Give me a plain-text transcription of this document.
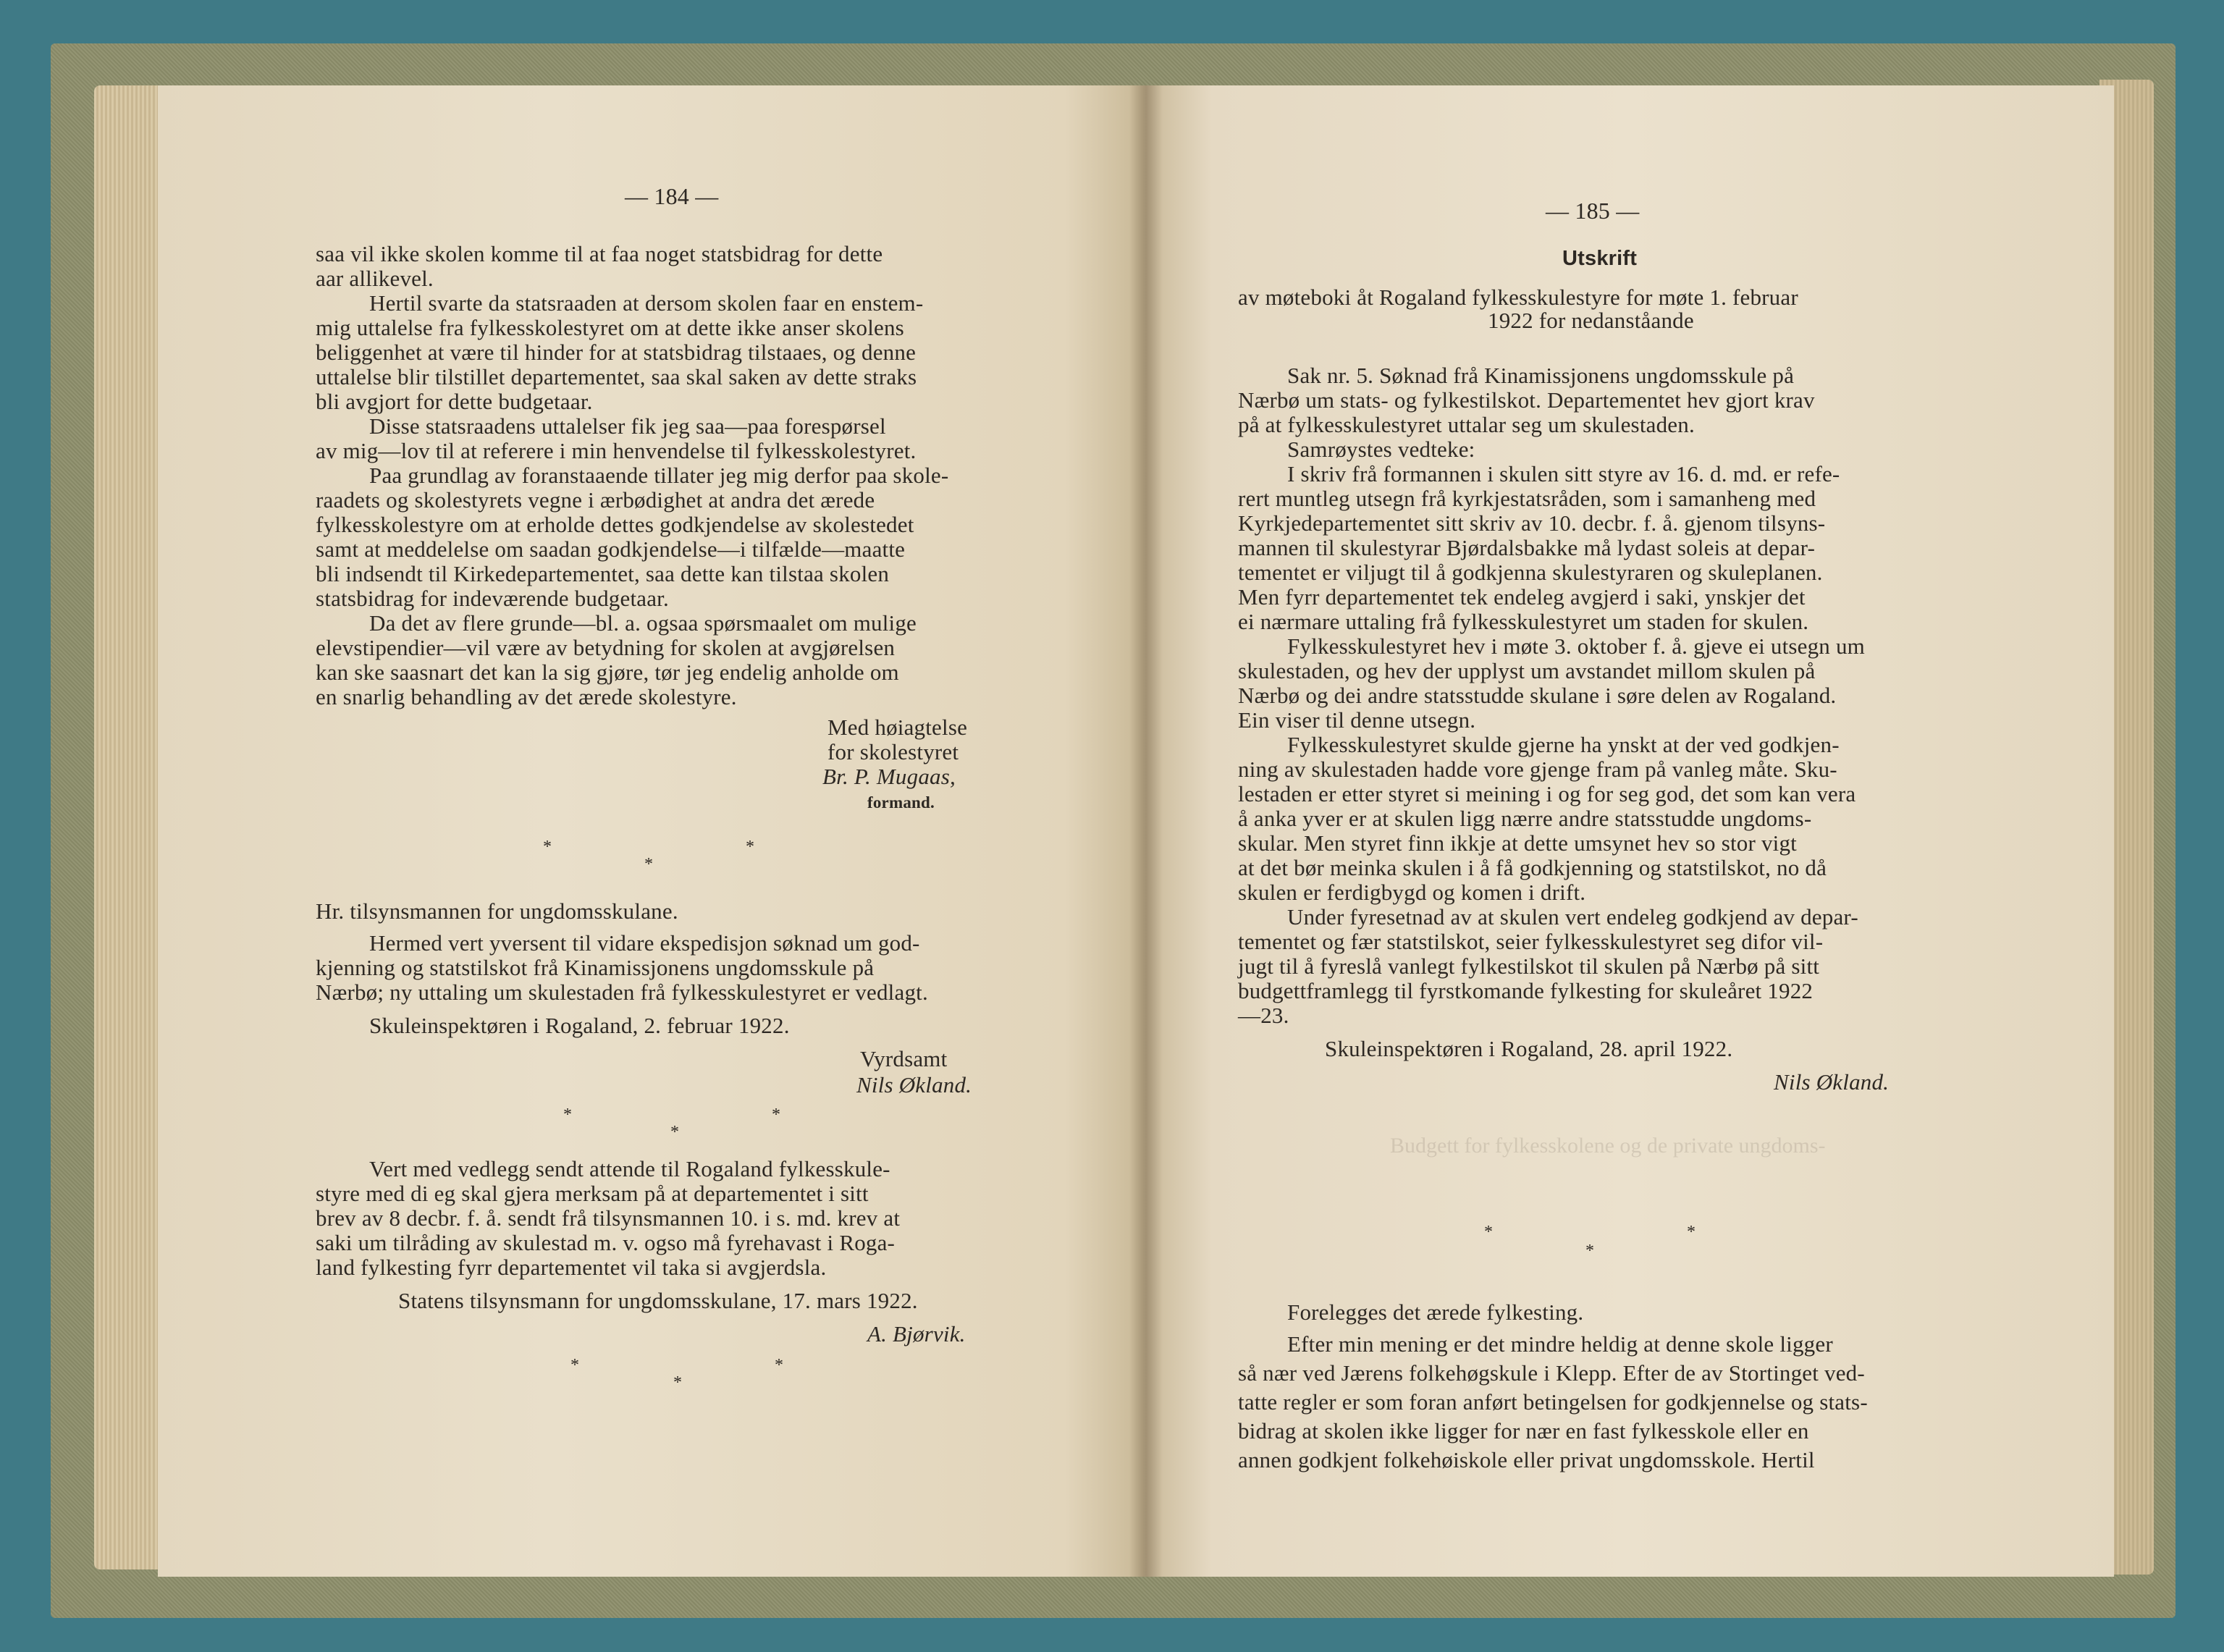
— 184 —
saa vil ikke skolen komme til at faa noget statsbidrag for dette
aar allikevel.
Hertil svarte da statsraaden at dersom skolen faar en enstem-
mig uttalelse fra fylkesskolestyret om at dette ikke anser skolens
beliggenhet at være til hinder for at statsbidrag tilstaaes, og denne
uttalelse blir tilstillet departementet, saa skal saken av dette straks
bli avgjort for dette budgetaar.
Disse statsraadens uttalelser fik jeg saa—paa forespørsel
av mig—lov til at referere i min henvendelse til fylkesskolestyret.
Paa grundlag av foranstaaende tillater jeg mig derfor paa skole-
raadets og skolestyrets vegne i ærbødighet at andra det ærede
fylkesskolestyre om at erholde dettes godkjendelse av skolestedet
samt at meddelelse om saadan godkjendelse—i tilfælde—maatte
bli indsendt til Kirkedepartementet, saa dette kan tilstaa skolen
statsbidrag for indeværende budgetaar.
Da det av flere grunde—bl. a. ogsaa spørsmaalet om mulige
elevstipendier—vil være av betydning for skolen at avgjørelsen
kan ske saasnart det kan la sig gjøre, tør jeg endelig anholde om
en snarlig behandling av det ærede skolestyre.
Med høiagtelse
for skolestyret
Br. P. Mugaas,
formand.
*
*
*
Hr. tilsynsmannen for ungdomsskulane.
Hermed vert yversent til vidare ekspedisjon søknad um god-
kjenning og statstilskot frå Kinamissjonens ungdomsskule på
Nærbø; ny uttaling um skulestaden frå fylkesskulestyret er vedlagt.
Skuleinspektøren i Rogaland, 2. februar 1922.
Vyrdsamt
Nils Økland.
*
*
*
Vert med vedlegg sendt attende til Rogaland fylkesskule-
styre med di eg skal gjera merksam på at departementet i sitt
brev av 8 decbr. f. å. sendt frå tilsynsmannen 10. i s. md. krev at
saki um tilråding av skulestad m. v. ogso må fyrehavast i Roga-
land fylkesting fyrr departementet vil taka si avgjerdsla.
Statens tilsynsmann for ungdomsskulane, 17. mars 1922.
A. Bjørvik.
*
*
*
— 185 —
Utskrift
av møteboki åt Rogaland fylkesskulestyre for møte 1. februar
1922 for nedanståande
Sak nr. 5. Søknad frå Kinamissjonens ungdomsskule på
Nærbø um stats- og fylkestilskot. Departementet hev gjort krav
på at fylkesskulestyret uttalar seg um skulestaden.
Samrøystes vedteke:
I skriv frå formannen i skulen sitt styre av 16. d. md. er refe-
rert muntleg utsegn frå kyrkjestatsråden, som i samanheng med
Kyrkjedepartementet sitt skriv av 10. decbr. f. å. gjenom tilsyns-
mannen til skulestyrar Bjørdalsbakke må lydast soleis at depar-
tementet er viljugt til å godkjenna skulestyraren og skuleplanen.
Men fyrr departementet tek endeleg avgjerd i saki, ynskjer det
ei nærmare uttaling frå fylkesskulestyret um staden for skulen.
Fylkesskulestyret hev i møte 3. oktober f. å. gjeve ei utsegn um
skulestaden, og hev der upplyst um avstandet millom skulen på
Nærbø og dei andre statsstudde skulane i søre delen av Rogaland.
Ein viser til denne utsegn.
Fylkesskulestyret skulde gjerne ha ynskt at der ved godkjen-
ning av skulestaden hadde vore gjenge fram på vanleg måte. Sku-
lestaden er etter styret si meining i og for seg god, det som kan vera
å anka yver er at skulen ligg nærre andre statsstudde ungdoms-
skular. Men styret finn ikkje at dette umsynet hev so stor vigt
at det bør meinka skulen i å få godkjenning og statstilskot, no då
skulen er ferdigbygd og komen i drift.
Under fyresetnad av at skulen vert endeleg godkjend av depar-
tementet og fær statstilskot, seier fylkesskulestyret seg difor vil-
jugt til å fyreslå vanlegt fylkestilskot til skulen på Nærbø på sitt
budgettframlegg til fyrstkomande fylkesting for skuleåret 1922
—23.
Skuleinspektøren i Rogaland, 28. april 1922.
Nils Økland.
Budgett for fylkesskolene og de private ungdoms-
*
*
*
Forelegges det ærede fylkesting.
Efter min mening er det mindre heldig at denne skole ligger
så nær ved Jærens folkehøgskule i Klepp. Efter de av Stortinget ved-
tatte regler er som foran anført betingelsen for godkjennelse og stats-
bidrag at skolen ikke ligger for nær en fast fylkesskole eller en
annen godkjent folkehøiskole eller privat ungdomsskole. Hertil
